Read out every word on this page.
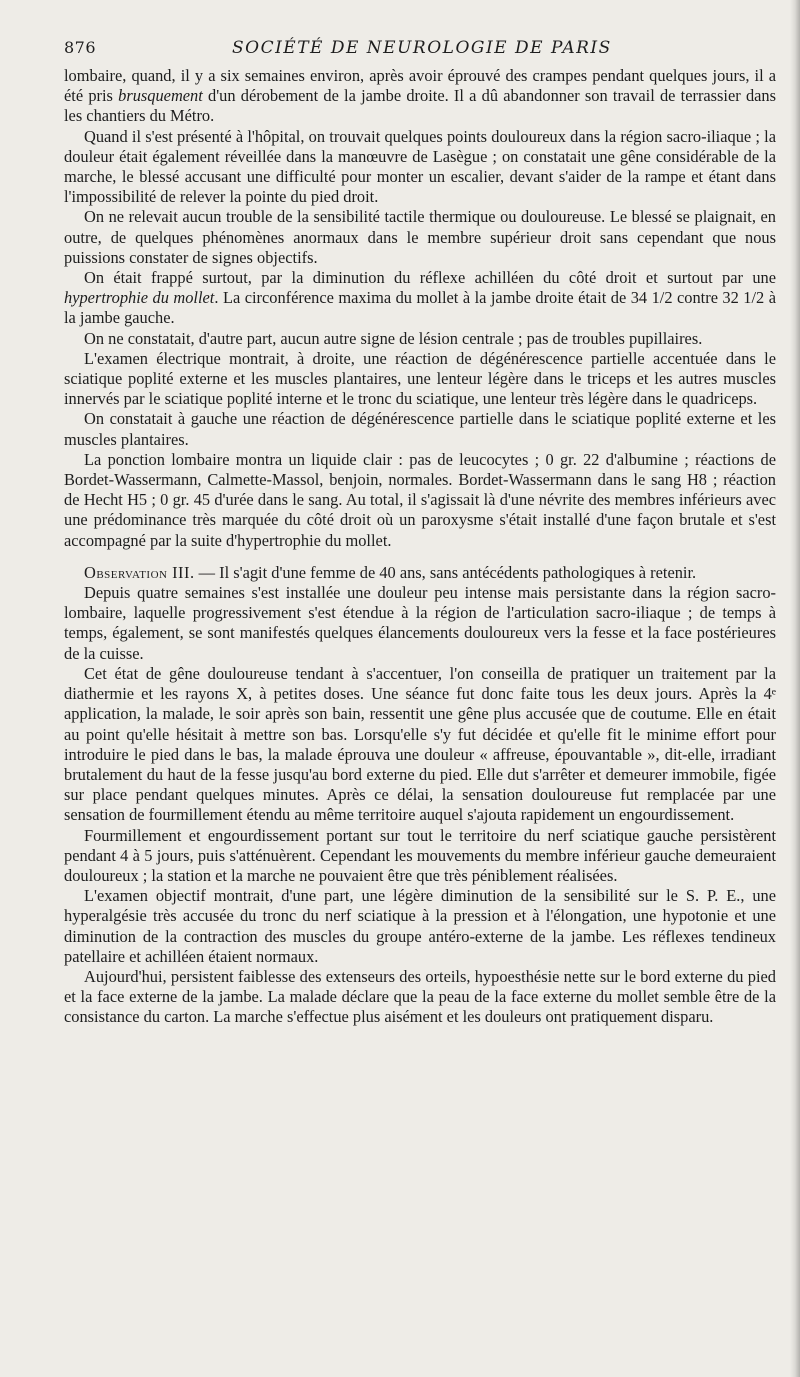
876	SOCIÉTÉ DE NEUROLOGIE DE PARIS

lombaire, quand, il y a six semaines environ, après avoir éprouvé des crampes pendant quelques jours, il a été pris brusquement d'un dérobement de la jambe droite. Il a dû abandonner son travail de terrassier dans les chantiers du Métro.

Quand il s'est présenté à l'hôpital, on trouvait quelques points douloureux dans la région sacro-iliaque ; la douleur était également réveillée dans la manœuvre de Lasègue ; on constatait une gêne considérable de la marche, le blessé accusant une difficulté pour monter un escalier, devant s'aider de la rampe et étant dans l'impossibilité de relever la pointe du pied droit.

On ne relevait aucun trouble de la sensibilité tactile thermique ou douloureuse. Le blessé se plaignait, en outre, de quelques phénomènes anormaux dans le membre supérieur droit sans cependant que nous puissions constater de signes objectifs.

On était frappé surtout, par la diminution du réflexe achilléen du côté droit et surtout par une hypertrophie du mollet. La circonférence maxima du mollet à la jambe droite était de 34 1/2 contre 32 1/2 à la jambe gauche.

On ne constatait, d'autre part, aucun autre signe de lésion centrale ; pas de troubles pupillaires.

L'examen électrique montrait, à droite, une réaction de dégénérescence partielle accentuée dans le sciatique poplité externe et les muscles plantaires, une lenteur légère dans le triceps et les autres muscles innervés par le sciatique poplité interne et le tronc du sciatique, une lenteur très légère dans le quadriceps.

On constatait à gauche une réaction de dégénérescence partielle dans le sciatique poplité externe et les muscles plantaires.

La ponction lombaire montra un liquide clair : pas de leucocytes ; 0 gr. 22 d'albumine ; réactions de Bordet-Wassermann, Calmette-Massol, benjoin, normales. Bordet-Wassermann dans le sang H8 ; réaction de Hecht H5 ; 0 gr. 45 d'urée dans le sang. Au total, il s'agissait là d'une névrite des membres inférieurs avec une prédominance très marquée du côté droit où un paroxysme s'était installé d'une façon brutale et s'est accompagné par la suite d'hypertrophie du mollet.

Observation III. — Il s'agit d'une femme de 40 ans, sans antécédents pathologiques à retenir.

Depuis quatre semaines s'est installée une douleur peu intense mais persistante dans la région sacro-lombaire, laquelle progressivement s'est étendue à la région de l'articulation sacro-iliaque ; de temps à temps, également, se sont manifestés quelques élancements douloureux vers la fesse et la face postérieures de la cuisse.

Cet état de gêne douloureuse tendant à s'accentuer, l'on conseilla de pratiquer un traitement par la diathermie et les rayons X, à petites doses. Une séance fut donc faite tous les deux jours. Après la 4ᵉ application, la malade, le soir après son bain, ressentit une gêne plus accusée que de coutume. Elle en était au point qu'elle hésitait à mettre son bas. Lorsqu'elle s'y fut décidée et qu'elle fit le minime effort pour introduire le pied dans le bas, la malade éprouva une douleur « affreuse, épouvantable », dit-elle, irradiant brutalement du haut de la fesse jusqu'au bord externe du pied. Elle dut s'arrêter et demeurer immobile, figée sur place pendant quelques minutes. Après ce délai, la sensation douloureuse fut remplacée par une sensation de fourmillement étendu au même territoire auquel s'ajouta rapidement un engourdissement.

Fourmillement et engourdissement portant sur tout le territoire du nerf sciatique gauche persistèrent pendant 4 à 5 jours, puis s'atténuèrent. Cependant les mouvements du membre inférieur gauche demeuraient douloureux ; la station et la marche ne pouvaient être que très péniblement réalisées.

L'examen objectif montrait, d'une part, une légère diminution de la sensibilité sur le S. P. E., une hyperalgésie très accusée du tronc du nerf sciatique à la pression et à l'élongation, une hypotonie et une diminution de la contraction des muscles du groupe antéro-externe de la jambe. Les réflexes tendineux patellaire et achilléen étaient normaux.

Aujourd'hui, persistent faiblesse des extenseurs des orteils, hypoesthésie nette sur le bord externe du pied et la face externe de la jambe. La malade déclare que la peau de la face externe du mollet semble être de la consistance du carton. La marche s'effectue plus aisément et les douleurs ont pratiquement disparu.
